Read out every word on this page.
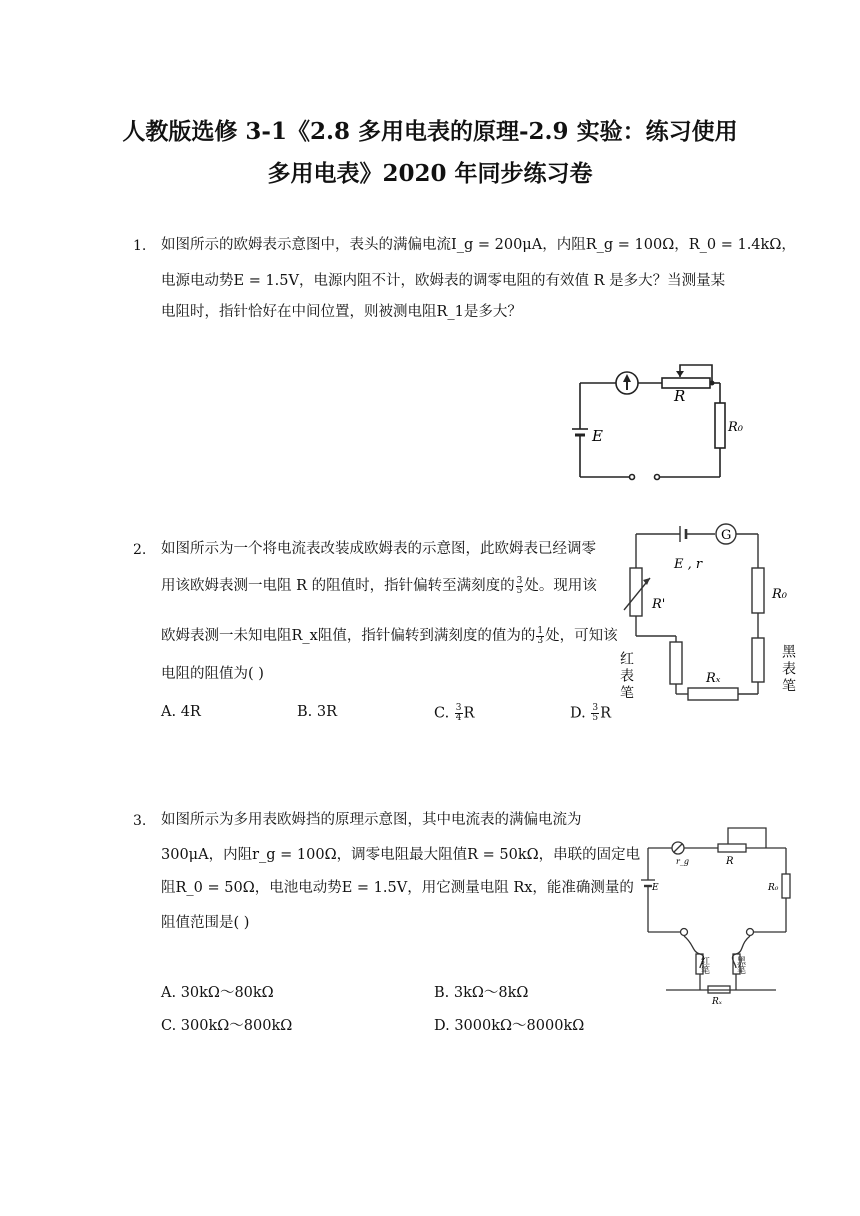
人教版选修 3-1《2.8 多用电表的原理-2.9 实验：练习使用
多用电表》2020 年同步练习卷
1. 如图所示的欧姆表示意图中，表头的满偏电流I_g = 200μA，内阻R_g = 100Ω，R_0 = 1.4kΩ，
电源电动势E = 1.5V，电源内阻不计，欧姆表的调零电阻的有效值 R 是多大？当测量某
电阻时，指针恰好在中间位置，则被测电阻R_1是多大？
R
E	R₀
2. 如图所示为一个将电流表改装成欧姆表的示意图，此欧姆表已经调零
用该欧姆表测一电阻 R 的阻值时，指针偏转至满刻度的 $\frac{3}{5}$ 处。现用该
欧姆表测一未知电阻R_x阻值，指针偏转到满刻度的值为的 $\frac{1}{3}$ 处，可知该
电阻的阻值为( )
A. 4R	B. 3R	C. $\frac{3}{4}$ R	D. $\frac{3}{5}$ R
G
E , r
R'
R₀
Rₓ
红表笔	黑表笔
3. 如图所示为多用表欧姆挡的原理示意图，其中电流表的满偏电流为
300μA，内阻r_g = 100Ω，调零电阻最大阻值R = 50kΩ，串联的固定电
阻R_0 = 50Ω，电池电动势E = 1.5V，用它测量电阻 Rx，能准确测量的
阻值范围是( )
A. 30kΩ～80kΩ	B. 3kΩ～8kΩ
C. 300kΩ～800kΩ	D. 3000kΩ～8000kΩ
r_g	R
E	R₀
红笔	黑笔
Rₓ
